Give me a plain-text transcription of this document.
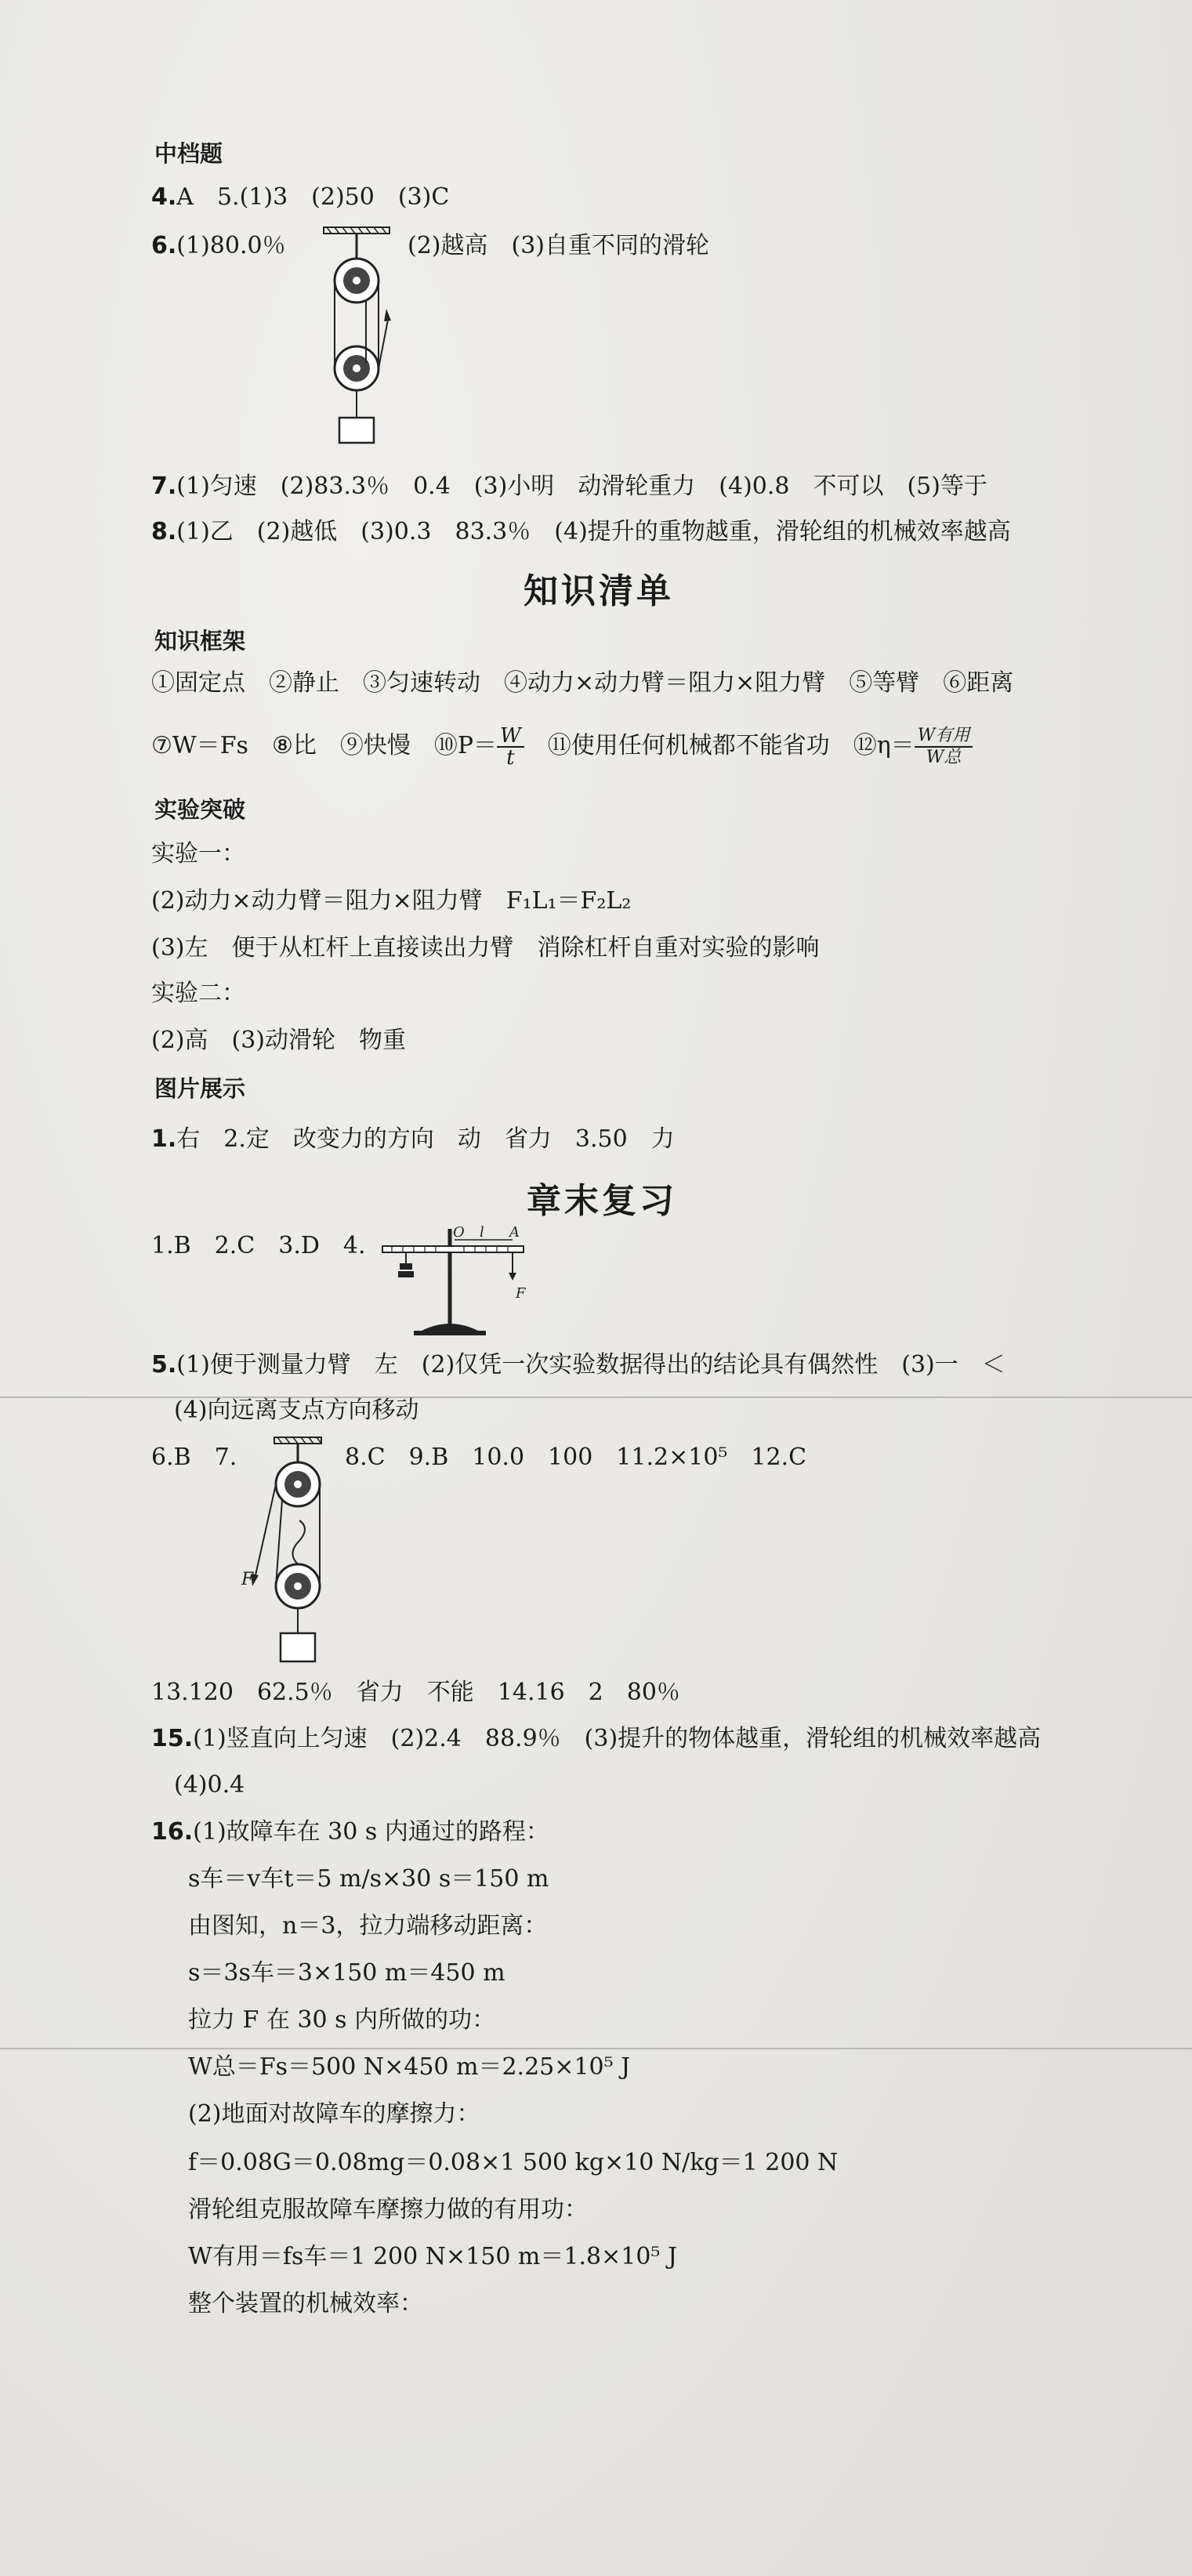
中档题
4.A　5.(1)3　(2)50　(3)C
6.(1)80.0％	(2)越高　(3)自重不同的滑轮
7.(1)匀速　(2)83.3％　0.4　(3)小明　动滑轮重力　(4)0.8　不可以　(5)等于
8.(1)乙　(2)越低　(3)0.3　83.3％　(4)提升的重物越重，滑轮组的机械效率越高
知识清单
知识框架
①固定点　②静止　③匀速转动　④动力×动力臂＝阻力×阻力臂　⑤等臂　⑥距离
⑦W＝Fs　⑧比　⑨快慢　⑩P＝ $\frac{W}{t}$ 　⑪使用任何机械都不能省功　⑫η＝ $\frac{\text{W有用}}{\text{W总}}$
实验突破
实验一：
(2)动力×动力臂＝阻力×阻力臂　F₁L₁＝F₂L₂
(3)左　便于从杠杆上直接读出力臂　消除杠杆自重对实验的影响
实验二：
(2)高　(3)动滑轮　物重
图片展示
1.右　2.定　改变力的方向　动　省力　3.50　力
章末复习
1.B　2.C　3.D　4.	O l A
F
5.(1)便于测量力臂　左　(2)仅凭一次实验数据得出的结论具有偶然性　(3)一　＜
(4)向远离支点方向移动
6.B　7.	8.C　9.B　10.0　100　11.2×10⁵　12.C
F
13.120　62.5％　省力　不能　14.16　2　80％
15.(1)竖直向上匀速　(2)2.4　88.9％　(3)提升的物体越重，滑轮组的机械效率越高
(4)0.4
16.(1)故障车在 30 s 内通过的路程：
s车＝v车t＝5 m/s×30 s＝150 m
由图知，n＝3，拉力端移动距离：
s＝3s车＝3×150 m＝450 m
拉力 F 在 30 s 内所做的功：
W总＝Fs＝500 N×450 m＝2.25×10⁵ J
(2)地面对故障车的摩擦力：
f＝0.08G＝0.08mg＝0.08×1 500 kg×10 N/kg＝1 200 N
滑轮组克服故障车摩擦力做的有用功：
W有用＝fs车＝1 200 N×150 m＝1.8×10⁵ J
整个装置的机械效率：
